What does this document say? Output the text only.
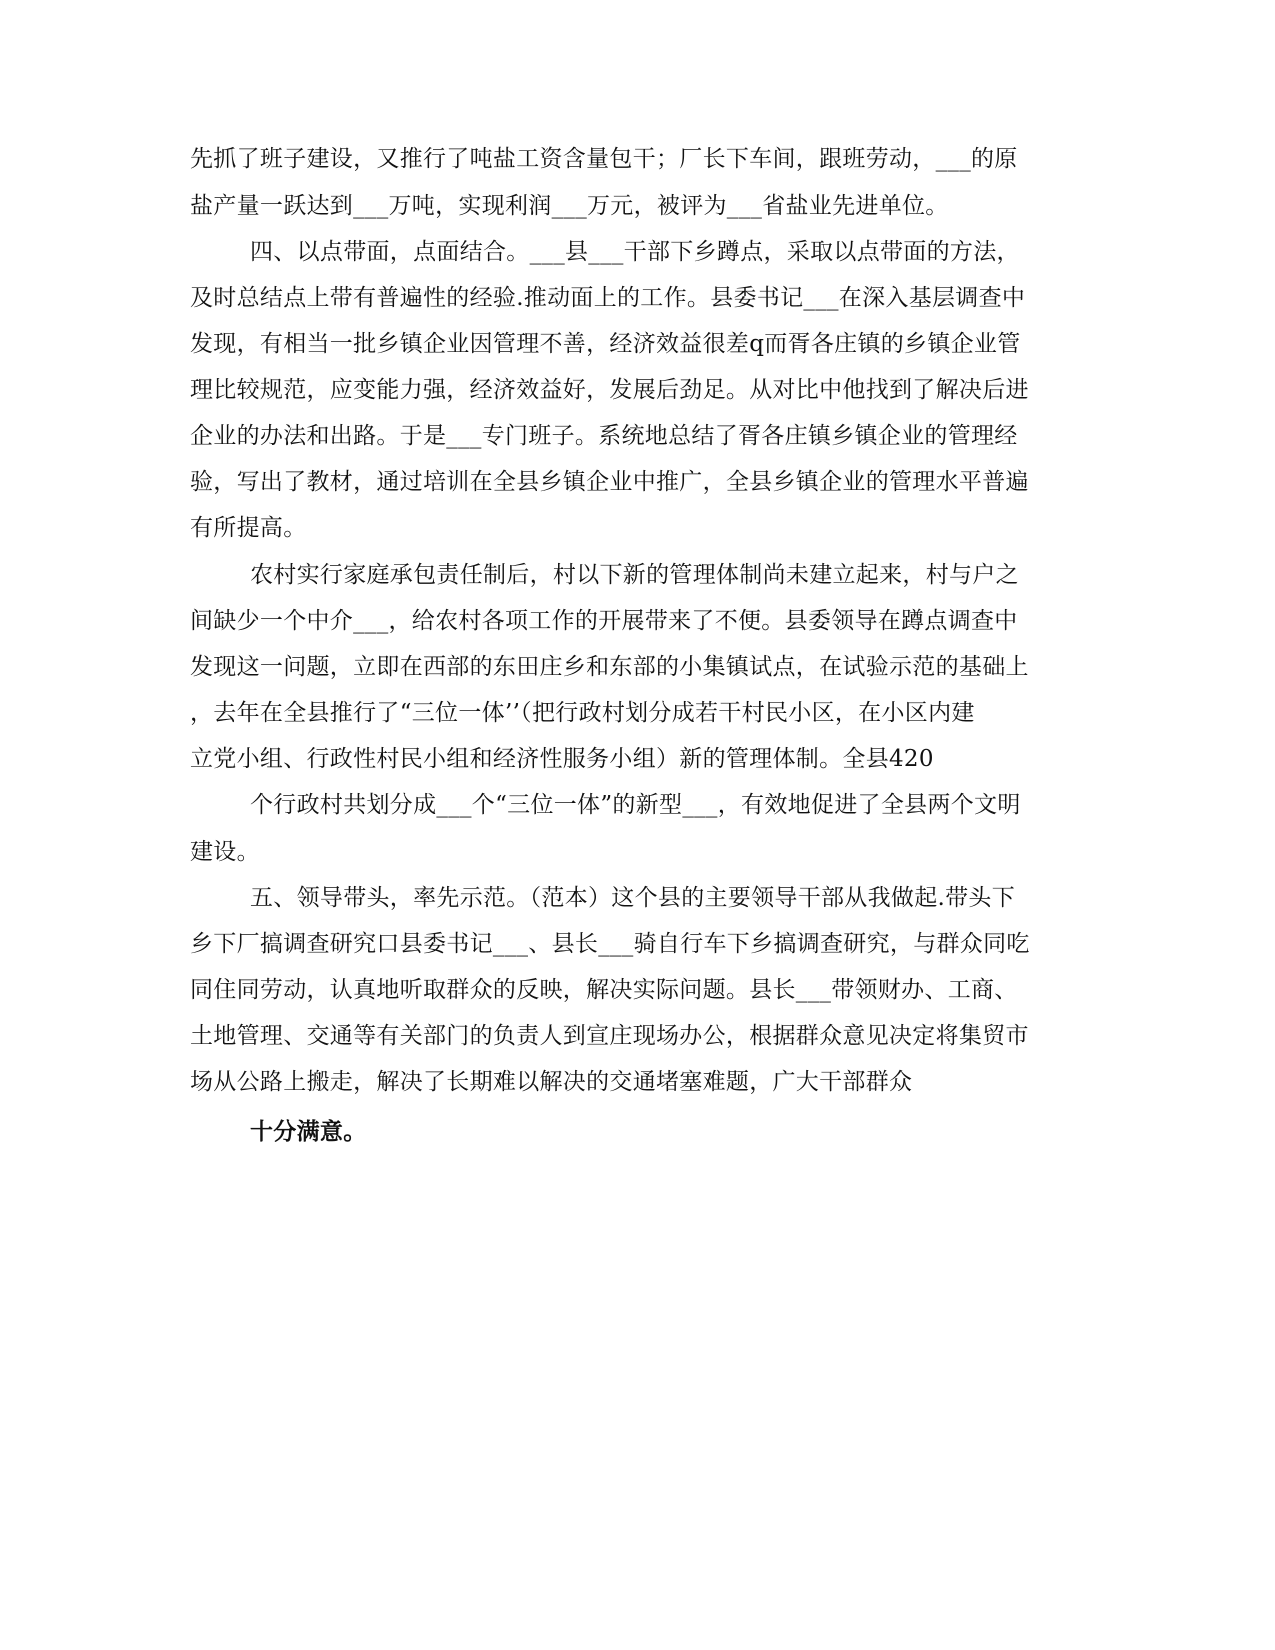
先抓了班子建设，又推行了吨盐工资含量包干；厂长下车间，跟班劳动，___的原
盐产量一跃达到___万吨，实现利润___万元，被评为___省盐业先进单位。
四、以点带面，点面结合。___县___干部下乡蹲点，采取以点带面的方法，
及时总结点上带有普遍性的经验.推动面上的工作。县委书记___在深入基层调查中
发现，有相当一批乡镇企业因管理不善，经济效益很差q而胥各庄镇的乡镇企业管
理比较规范，应变能力强，经济效益好，发展后劲足。从对比中他找到了解决后进
企业的办法和出路。于是___专门班子。系统地总结了胥各庄镇乡镇企业的管理经
验，写出了教材，通过培训在全县乡镇企业中推广，全县乡镇企业的管理水平普遍
有所提高。
农村实行家庭承包责任制后，村以下新的管理体制尚未建立起来，村与户之
间缺少一个中介___，给农村各项工作的开展带来了不便。县委领导在蹲点调查中
发现这一问题，立即在西部的东田庄乡和东部的小集镇试点，在试验示范的基础上
，去年在全县推行了“三位一体’’（把行政村划分成若干村民小区，在小区内建
立党小组、行政性村民小组和经济性服务小组）新的管理体制。全县420
个行政村共划分成___个“三位一体”的新型___，有效地促进了全县两个文明
建设。
五、领导带头，率先示范。（范本）这个县的主要领导干部从我做起.带头下
乡下厂搞调查研究口县委书记___、县长___骑自行车下乡搞调查研究，与群众同吃
同住同劳动，认真地听取群众的反映，解决实际问题。县长___带领财办、工商、
土地管理、交通等有关部门的负责人到宣庄现场办公，根据群众意见决定将集贸市
场从公路上搬走，解决了长期难以解决的交通堵塞难题，广大干部群众
十分满意。
